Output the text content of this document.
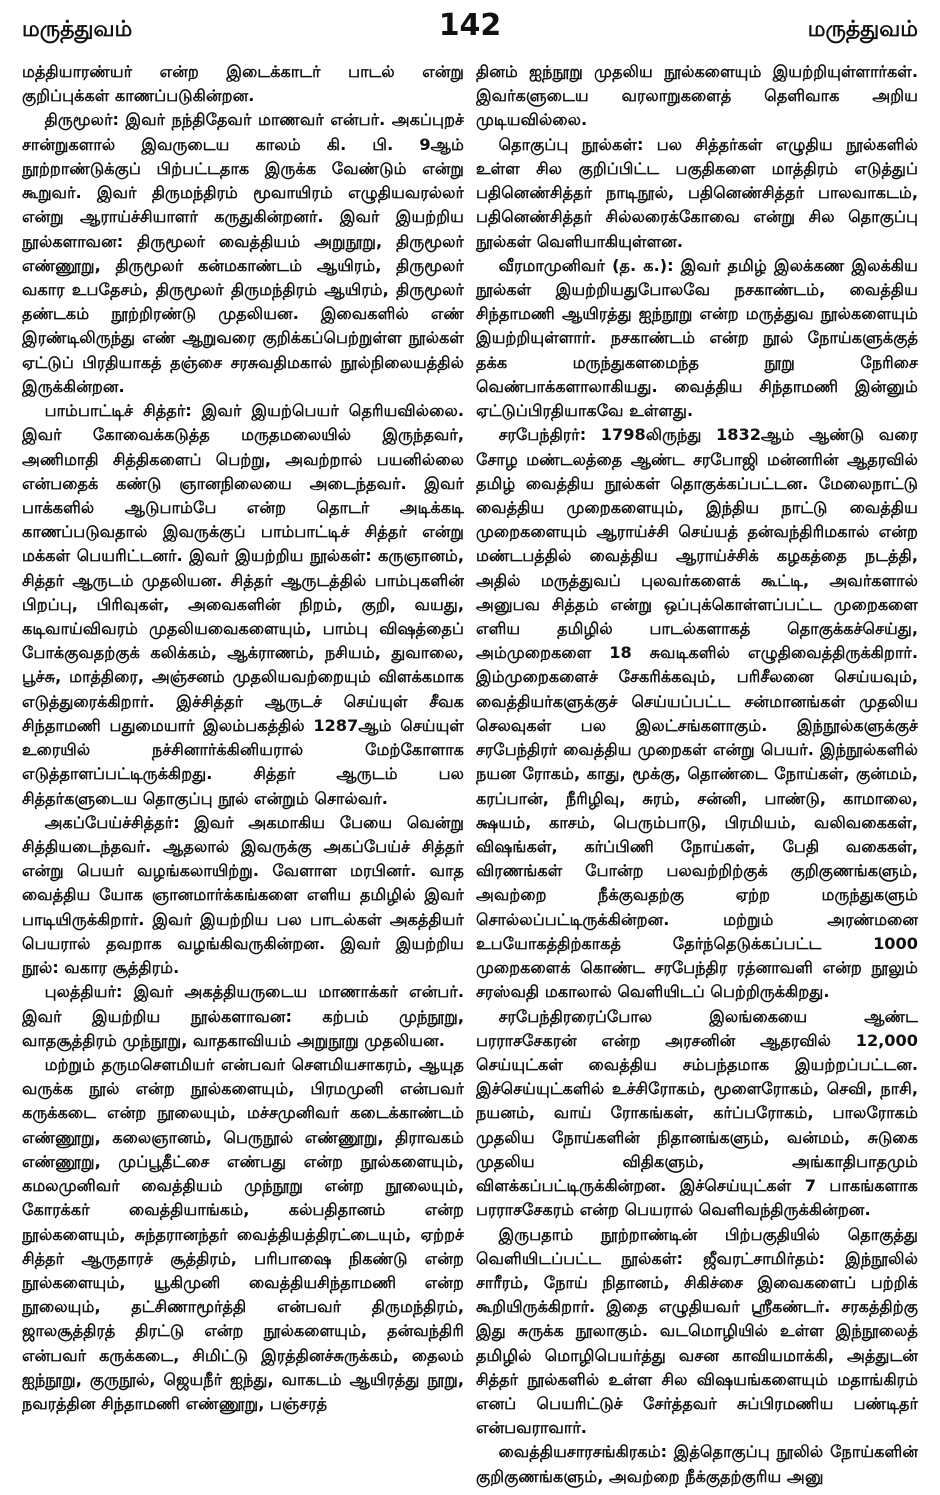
மருத்துவம்	142	மருத்துவம்

மத்தியாரண்யர் என்ற இடைக்காடர் பாடல் என்று குறிப்புக்கள் காணப்படுகின்றன.

திருமூலர்: இவர் நந்திதேவர் மாணவர் என்பர். அகப்புறச் சான்றுகளால் இவருடைய காலம் கி. பி. 9ஆம் நூற்றாண்டுக்குப் பிற்பட்டதாக இருக்க வேண்டும் என்று கூறுவர். இவர் திருமந்திரம் மூவாயிரம் எழுதியவரல்லர் என்று ஆராய்ச்சியாளர் கருதுகின்றனர். இவர் இயற்றிய நூல்களாவன: திருமூலர் வைத்தியம் அறுநூறு, திருமூலர் எண்ணூறு, திருமூலர் கன்மகாண்டம் ஆயிரம், திருமூலர் வகார உபதேசம், திருமூலர் திருமந்திரம் ஆயிரம், திருமூலர் தண்டகம் நூற்றிரண்டு முதலியன. இவைகளில் எண் இரண்டிலிருந்து எண் ஆறுவரை குறிக்கப்பெற்றுள்ள நூல்கள் ஏட்டுப் பிரதியாகத் தஞ்சை சரசுவதிமகால் நூல்நிலையத்தில் இருக்கின்றன.

பாம்பாட்டிச் சித்தர்: இவர் இயற்பெயர் தெரியவில்லை. இவர் கோவைக்கடுத்த மருதமலையில் இருந்தவர், அணிமாதி சித்திகளைப் பெற்று, அவற்றால் பயனில்லை என்பதைக் கண்டு ஞானநிலையை அடைந்தவர். இவர் பாக்களில் ஆடுபாம்பே என்ற தொடர் அடிக்கடி காணப்படுவதால் இவருக்குப் பாம்பாட்டிச் சித்தர் என்று மக்கள் பெயரிட்டனர். இவர் இயற்றிய நூல்கள்: கருஞானம், சித்தர் ஆருடம் முதலியன. சித்தர் ஆருடத்தில் பாம்புகளின் பிறப்பு, பிரிவுகள், அவைகளின் நிறம், குறி, வயது, கடிவாய்விவரம் முதலியவைகளையும், பாம்பு விஷத்தைப் போக்குவதற்குக் கலிக்கம், ஆக்ராணம், நசியம், துவாலை, பூச்சு, மாத்திரை, அஞ்சனம் முதலியவற்றையும் விளக்கமாக எடுத்துரைக்கிறார். இச்சித்தர் ஆருடச் செய்யுள் சீவக சிந்தாமணி பதுமையார் இலம்பகத்தில் 1287ஆம் செய்யுள் உரையில் நச்சினார்க்கினியரால் மேற்கோளாக எடுத்தாளப்பட்டிருக்கிறது. சித்தர் ஆருடம் பல சித்தர்களுடைய தொகுப்பு நூல் என்றும் சொல்வர்.

அகப்பேய்ச்சித்தர்: இவர் அகமாகிய பேயை வென்று சித்தியடைந்தவர். ஆதலால் இவருக்கு அகப்பேய்ச் சித்தர் என்று பெயர் வழங்கலாயிற்று. வேளாள மரபினர். வாத வைத்திய யோக ஞானமார்க்கங்களை எளிய தமிழில் இவர் பாடியிருக்கிறார். இவர் இயற்றிய பல பாடல்கள் அகத்தியர் பெயரால் தவறாக வழங்கிவருகின்றன. இவர் இயற்றிய நூல்: வகார சூத்திரம்.

புலத்தியர்: இவர் அகத்தியருடைய மாணாக்கர் என்பர். இவர் இயற்றிய நூல்களாவன: கற்பம் முந்நூறு, வாதசூத்திரம் முந்நூறு, வாதகாவியம் அறுநூறு முதலியன.

மற்றும் தருமசௌமியர் என்பவர் சௌமியசாகரம், ஆயுத வருக்க நூல் என்ற நூல்களையும், பிரமமுனி என்பவர் கருக்கடை என்ற நூலையும், மச்சமுனிவர் கடைக்காண்டம் எண்ணூறு, கலைஞானம், பெருநூல் எண்ணூறு, திராவகம் எண்ணூறு, முப்பூதீட்சை எண்பது என்ற நூல்களையும், கமலமுனிவர் வைத்தியம் முந்நூறு என்ற நூலையும், கோரக்கர் வைத்தியாங்கம், கல்பதிதானம் என்ற நூல்களையும், சுந்தரானந்தர் வைத்தியத்திரட்டையும், ஏற்றச் சித்தர் ஆருதாரச் சூத்திரம், பரிபாஷை நிகண்டு என்ற நூல்களையும், யூகிமுனி வைத்தியசிந்தாமணி என்ற நூலையும், தட்சிணாமூர்த்தி என்பவர் திருமந்திரம், ஜாலசூத்திரத் திரட்டு என்ற நூல்களையும், தன்வந்திரி என்பவர் கருக்கடை, சிமிட்டு இரத்தினச்சுருக்கம், தைலம் ஐந்நூறு, குருநூல், ஜெயநீர் ஐந்து, வாகடம் ஆயிரத்து நூறு, நவரத்தின சிந்தாமணி எண்ணூறு, பஞ்சரத்

தினம் ஐந்நூறு முதலிய நூல்களையும் இயற்றியுள்ளார்கள். இவர்களுடைய வரலாறுகளைத் தெளிவாக அறிய முடியவில்லை.

தொகுப்பு நூல்கள்: பல சித்தர்கள் எழுதிய நூல்களில் உள்ள சில குறிப்பிட்ட பகுதிகளை மாத்திரம் எடுத்துப் பதினெண்சித்தர் நாடிநூல், பதினெண்சித்தர் பாலவாகடம், பதினெண்சித்தர் சில்லரைக்கோவை என்று சில தொகுப்பு நூல்கள் வெளியாகியுள்ளன.

வீரமாமுனிவர் (த. க.): இவர் தமிழ் இலக்கண இலக்கிய நூல்கள் இயற்றியதுபோலவே நசகாண்டம், வைத்திய சிந்தாமணி ஆயிரத்து ஐந்நூறு என்ற மருத்துவ நூல்களையும் இயற்றியுள்ளார். நசகாண்டம் என்ற நூல் நோய்களுக்குத் தக்க மருந்துகளமைந்த நூறு நேரிசை வெண்பாக்களாலாகியது. வைத்திய சிந்தாமணி இன்னும் ஏட்டுப்பிரதியாகவே உள்ளது.

சரபேந்திரர்: 1798லிருந்து 1832ஆம் ஆண்டு வரை சோழ மண்டலத்தை ஆண்ட சரபோஜி மன்னரின் ஆதரவில் தமிழ் வைத்திய நூல்கள் தொகுக்கப்பட்டன. மேலைநாட்டு வைத்திய முறைகளையும், இந்திய நாட்டு வைத்திய முறைகளையும் ஆராய்ச்சி செய்யத் தன்வந்திரிமகால் என்ற மண்டபத்தில் வைத்திய ஆராய்ச்சிக் கழகத்தை நடத்தி, அதில் மருத்துவப் புலவர்களைக் கூட்டி, அவர்களால் அனுபவ சித்தம் என்று ஒப்புக்கொள்ளப்பட்ட முறைகளை எளிய தமிழில் பாடல்களாகத் தொகுக்கச்செய்து, அம்முறைகளை 18 சுவடிகளில் எழுதிவைத்திருக்கிறார். இம்முறைகளைச் சேகரிக்கவும், பரிசீலனை செய்யவும், வைத்தியர்களுக்குச் செய்யப்பட்ட சன்மானங்கள் முதலிய செலவுகள் பல இலட்சங்களாகும். இந்நூல்களுக்குச் சரபேந்திரர் வைத்திய முறைகள் என்று பெயர். இந்நூல்களில் நயன ரோகம், காது, மூக்கு, தொண்டை நோய்கள், குன்மம், கரப்பான், நீரிழிவு, சுரம், சன்னி, பாண்டு, காமாலை, க்ஷயம், காசம், பெரும்பாடு, பிரமியம், வலிவகைகள், விஷங்கள், கர்ப்பிணி நோய்கள், பேதி வகைகள், விரணங்கள் போன்ற பலவற்றிற்குக் குறிகுணங்களும், அவற்றை நீக்குவதற்கு ஏற்ற மருந்துகளும் சொல்லப்பட்டிருக்கின்றன. மற்றும் அரண்மனை உபயோகத்திற்காகத் தேர்ந்தெடுக்கப்பட்ட 1000 முறைகளைக் கொண்ட சரபேந்திர ரத்னாவளி என்ற நூலும் சரஸ்வதி மகாலால் வெளியிடப் பெற்றிருக்கிறது.

சரபேந்திரரைப்போல இலங்கையை ஆண்ட பரராசசேகரன் என்ற அரசனின் ஆதரவில் 12,000 செய்யுட்கள் வைத்திய சம்பந்தமாக இயற்றப்பட்டன. இச்செய்யுட்களில் உச்சிரோகம், மூளைரோகம், செவி, நாசி, நயனம், வாய் ரோகங்கள், கர்ப்பரோகம், பாலரோகம் முதலிய நோய்களின் நிதானங்களும், வன்மம், சுடுகை முதலிய விதிகளும், அங்காதிபாதமும் விளக்கப்பட்டிருக்கின்றன. இச்செய்யுட்கள் 7 பாகங்களாக பரராசசேகரம் என்ற பெயரால் வெளிவந்திருக்கின்றன.

இருபதாம் நூற்றாண்டின் பிற்பகுதியில் தொகுத்து வெளியிடப்பட்ட நூல்கள்: ஜீவரட்சாமிர்தம்: இந்நூலில் சாரீரம், நோய் நிதானம், சிகிச்சை இவைகளைப் பற்றிக் கூறியிருக்கிறார். இதை எழுதியவர் ஸ்ரீகண்டர். சரகத்திற்கு இது சுருக்க நூலாகும். வடமொழியில் உள்ள இந்நூலைத் தமிழில் மொழிபெயர்த்து வசன காவியமாக்கி, அத்துடன் சித்தர் நூல்களில் உள்ள சில விஷயங்களையும் மதாங்கிரம் எனப் பெயரிட்டுச் சேர்த்தவர் சுப்பிரமணிய பண்டிதர் என்பவராவார்.

வைத்தியசாரசங்கிரகம்: இத்தொகுப்பு நூலில் நோய்களின் குறிகுணங்களும், அவற்றை நீக்குதற்குரிய அனு
